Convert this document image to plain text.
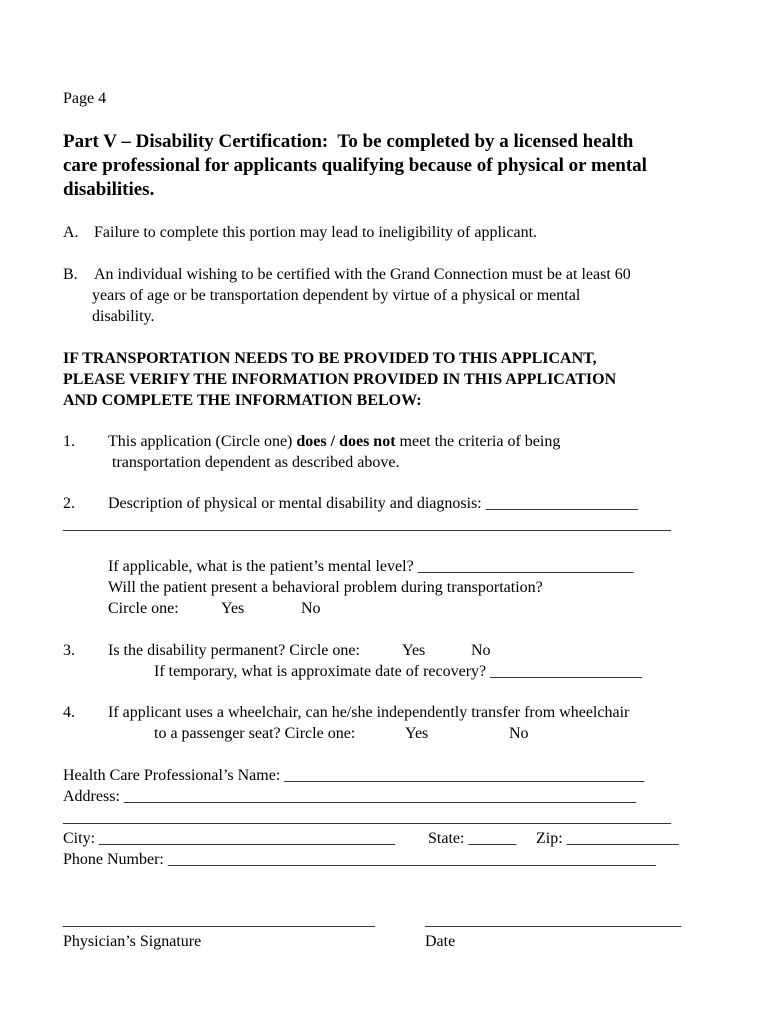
Page 4
Part V – Disability Certification:  To be completed by a licensed health
care professional for applicants qualifying because of physical or mental
disabilities.
A. Failure to complete this portion may lead to ineligibility of applicant.
B. An individual wishing to be certified with the Grand Connection must be at least 60
years of age or be transportation dependent by virtue of a physical or mental
disability.
IF TRANSPORTATION NEEDS TO BE PROVIDED TO THIS APPLICANT,
PLEASE VERIFY THE INFORMATION PROVIDED IN THIS APPLICATION
AND COMPLETE THE INFORMATION BELOW:
1. This application (Circle one) does / does not meet the criteria of being
transportation dependent as described above.
2. Description of physical or mental disability and diagnosis: ___________________
____________________________________________________________________________
If applicable, what is the patient’s mental level? ___________________________
Will the patient present a behavioral problem during transportation?
Circle one:	Yes	No
3. Is the disability permanent? Circle one:	Yes	No
If temporary, what is approximate date of recovery? ___________________
4. If applicant uses a wheelchair, can he/she independently transfer from wheelchair
to a passenger seat? Circle one:	Yes	No
Health Care Professional’s Name: _____________________________________________
Address: ________________________________________________________________
____________________________________________________________________________
City: _____________________________________ State: ______ Zip: ______________
Phone Number: _____________________________________________________________
_______________________________________
Physician’s Signature
________________________________
Date
